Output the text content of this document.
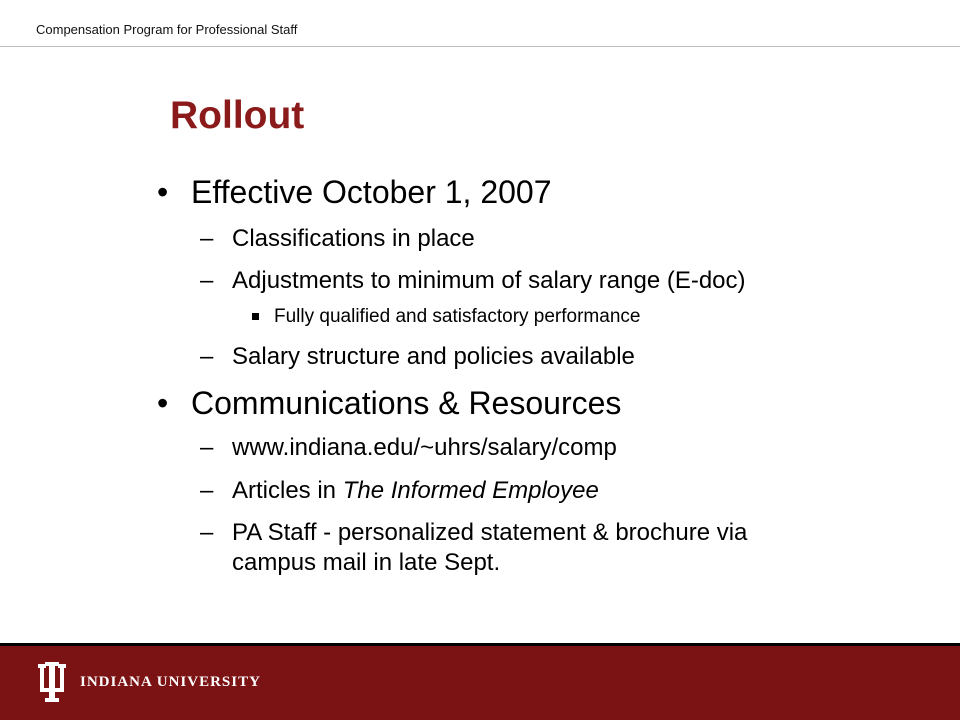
Compensation Program for Professional Staff
Rollout
• Effective October 1, 2007
– Classifications in place
– Adjustments to minimum of salary range (E-doc)
Fully qualified and satisfactory performance
– Salary structure and policies available
• Communications & Resources
– www.indiana.edu/~uhrs/salary/comp
– Articles in The Informed Employee
– PA Staff - personalized statement & brochure via
campus mail in late Sept.
INDIANA UNIVERSITY
